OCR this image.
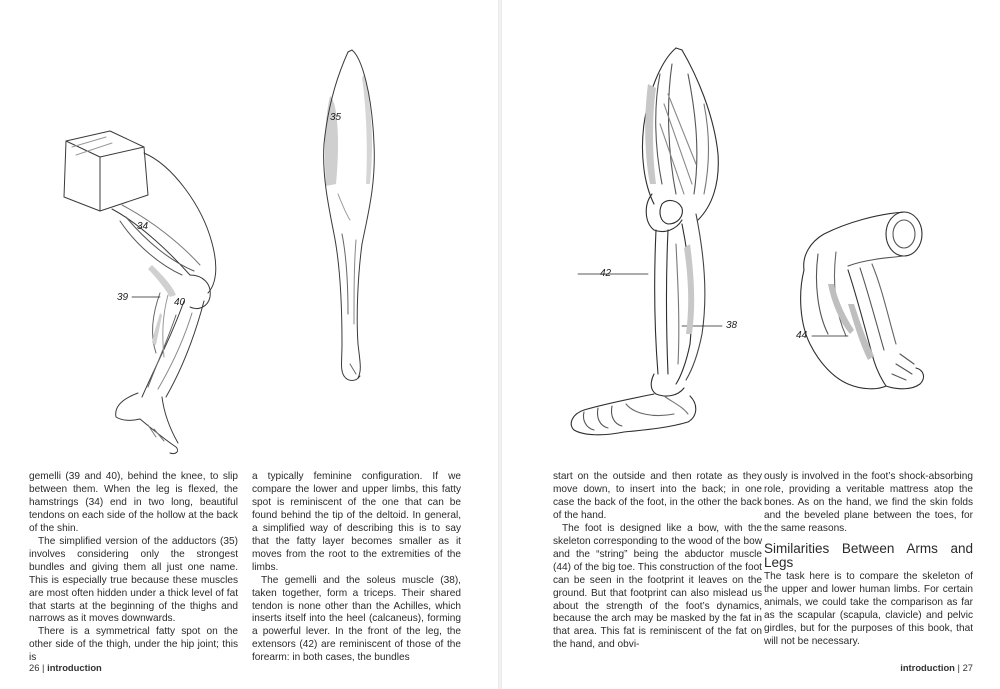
34
39	40
35

gemelli (39 and 40), behind the knee, to slip between them. When the leg is flexed, the hamstrings (34) end in two long, beautiful tendons on each side of the hollow at the back of the shin.

The simplified version of the adductors (35) involves considering only the strongest bundles and giving them all just one name. This is especially true because these muscles are most often hidden under a thick level of fat that starts at the beginning of the thighs and narrows as it moves downwards.

There is a symmetrical fatty spot on the other side of the thigh, under the hip joint; this is

a typically feminine configuration. If we compare the lower and upper limbs, this fatty spot is reminiscent of the one that can be found behind the tip of the deltoid. In general, a simplified way of describing this is to say that the fatty layer becomes smaller as it moves from the root to the extremities of the limbs.

The gemelli and the soleus muscle (38), taken together, form a triceps. Their shared tendon is none other than the Achilles, which inserts itself into the heel (calcaneus), forming a powerful lever. In the front of the leg, the extensors (42) are reminiscent of those of the forearm: in both cases, the bundles

26 | introduction
42
38
44

start on the outside and then rotate as they move down, to insert into the back; in one case the back of the foot, in the other the back of the hand.

The foot is designed like a bow, with the skeleton corresponding to the wood of the bow and the “string” being the abductor muscle (44) of the big toe. This construction of the foot can be seen in the footprint it leaves on the ground. But that footprint can also mislead us about the strength of the foot’s dynamics, because the arch may be masked by the fat in that area. This fat is reminiscent of the fat on the hand, and obvi-

ously is involved in the foot’s shock-absorbing role, providing a veritable mattress atop the bones. As on the hand, we find the skin folds and the beveled plane between the toes, for the same reasons.

Similarities Between Arms and Legs

The task here is to compare the skeleton of the upper and lower human limbs. For certain animals, we could take the comparison as far as the scapular (scapula, clavicle) and pelvic girdles, but for the purposes of this book, that will not be necessary.

introduction | 27
